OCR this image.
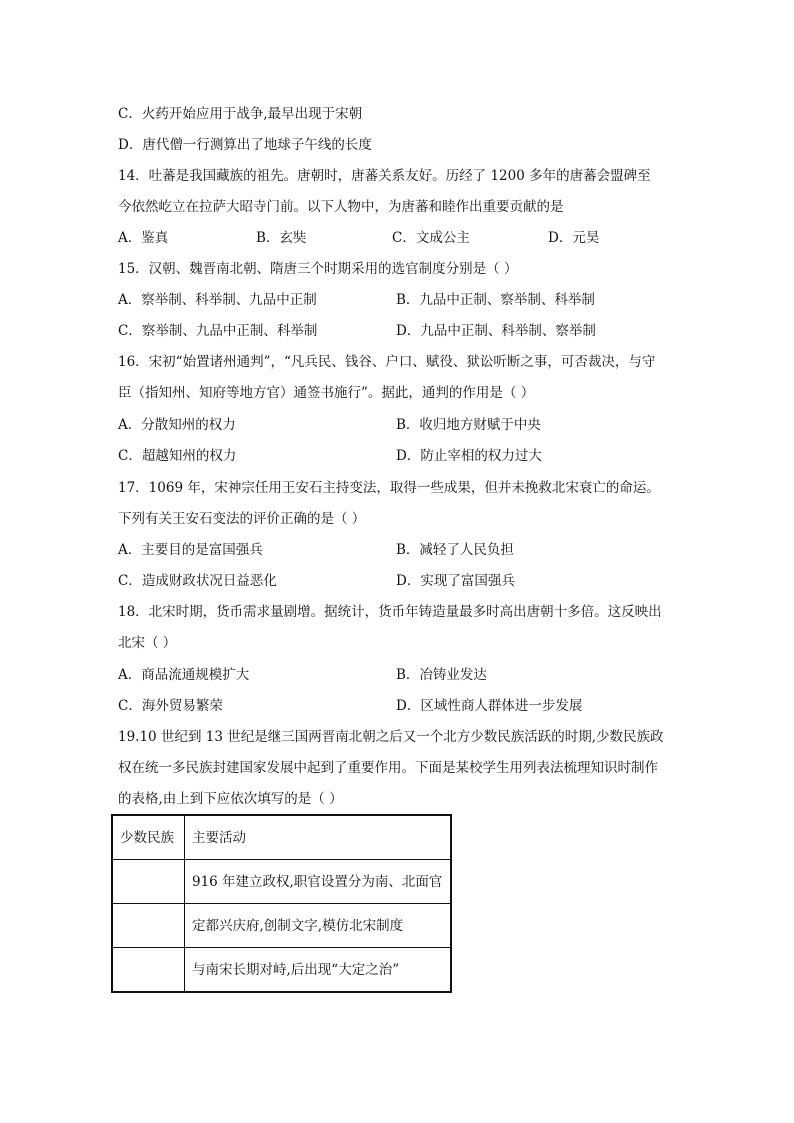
C．火药开始应用于战争,最早出现于宋朝
D．唐代僧一行测算出了地球子午线的长度
14．吐蕃是我国藏族的祖先。唐朝时，唐蕃关系友好。历经了 1200 多年的唐蕃会盟碑至
今依然屹立在拉萨大昭寺门前。以下人物中，为唐蕃和睦作出重要贡献的是
A．鉴真	B．玄奘	C．文成公主	D．元昊
15．汉朝、魏晋南北朝、隋唐三个时期采用的选官制度分别是（ ）
A．察举制、科举制、九品中正制	B．九品中正制、察举制、科举制
C．察举制、九品中正制、科举制	D．九品中正制、科举制、察举制
16．宋初“始置诸州通判”，“凡兵民、钱谷、户口、赋役、狱讼听断之事，可否裁决，与守
臣（指知州、知府等地方官）通签书施行”。据此，通判的作用是（ ）
A．分散知州的权力	B．收归地方财赋于中央
C．超越知州的权力	D．防止宰相的权力过大
17．1069 年，宋神宗任用王安石主持变法，取得一些成果，但并未挽救北宋衰亡的命运。
下列有关王安石变法的评价正确的是（ ）
A．主要目的是富国强兵	B．减轻了人民负担
C．造成财政状况日益恶化	D．实现了富国强兵
18．北宋时期，货币需求量剧增。据统计，货币年铸造量最多时高出唐朝十多倍。这反映出
北宋（ ）
A．商品流通规模扩大	B．冶铸业发达
C．海外贸易繁荣	D．区域性商人群体进一步发展
19.10 世纪到 13 世纪是继三国两晋南北朝之后又一个北方少数民族活跃的时期,少数民族政
权在统一多民族封建国家发展中起到了重要作用。下面是某校学生用列表法梳理知识时制作
的表格,由上到下应依次填写的是（ ）
少数民族	主要活动
	916 年建立政权,职官设置分为南、北面官
	定都兴庆府,创制文字,模仿北宋制度
	与南宋长期对峙,后出现“大定之治”
